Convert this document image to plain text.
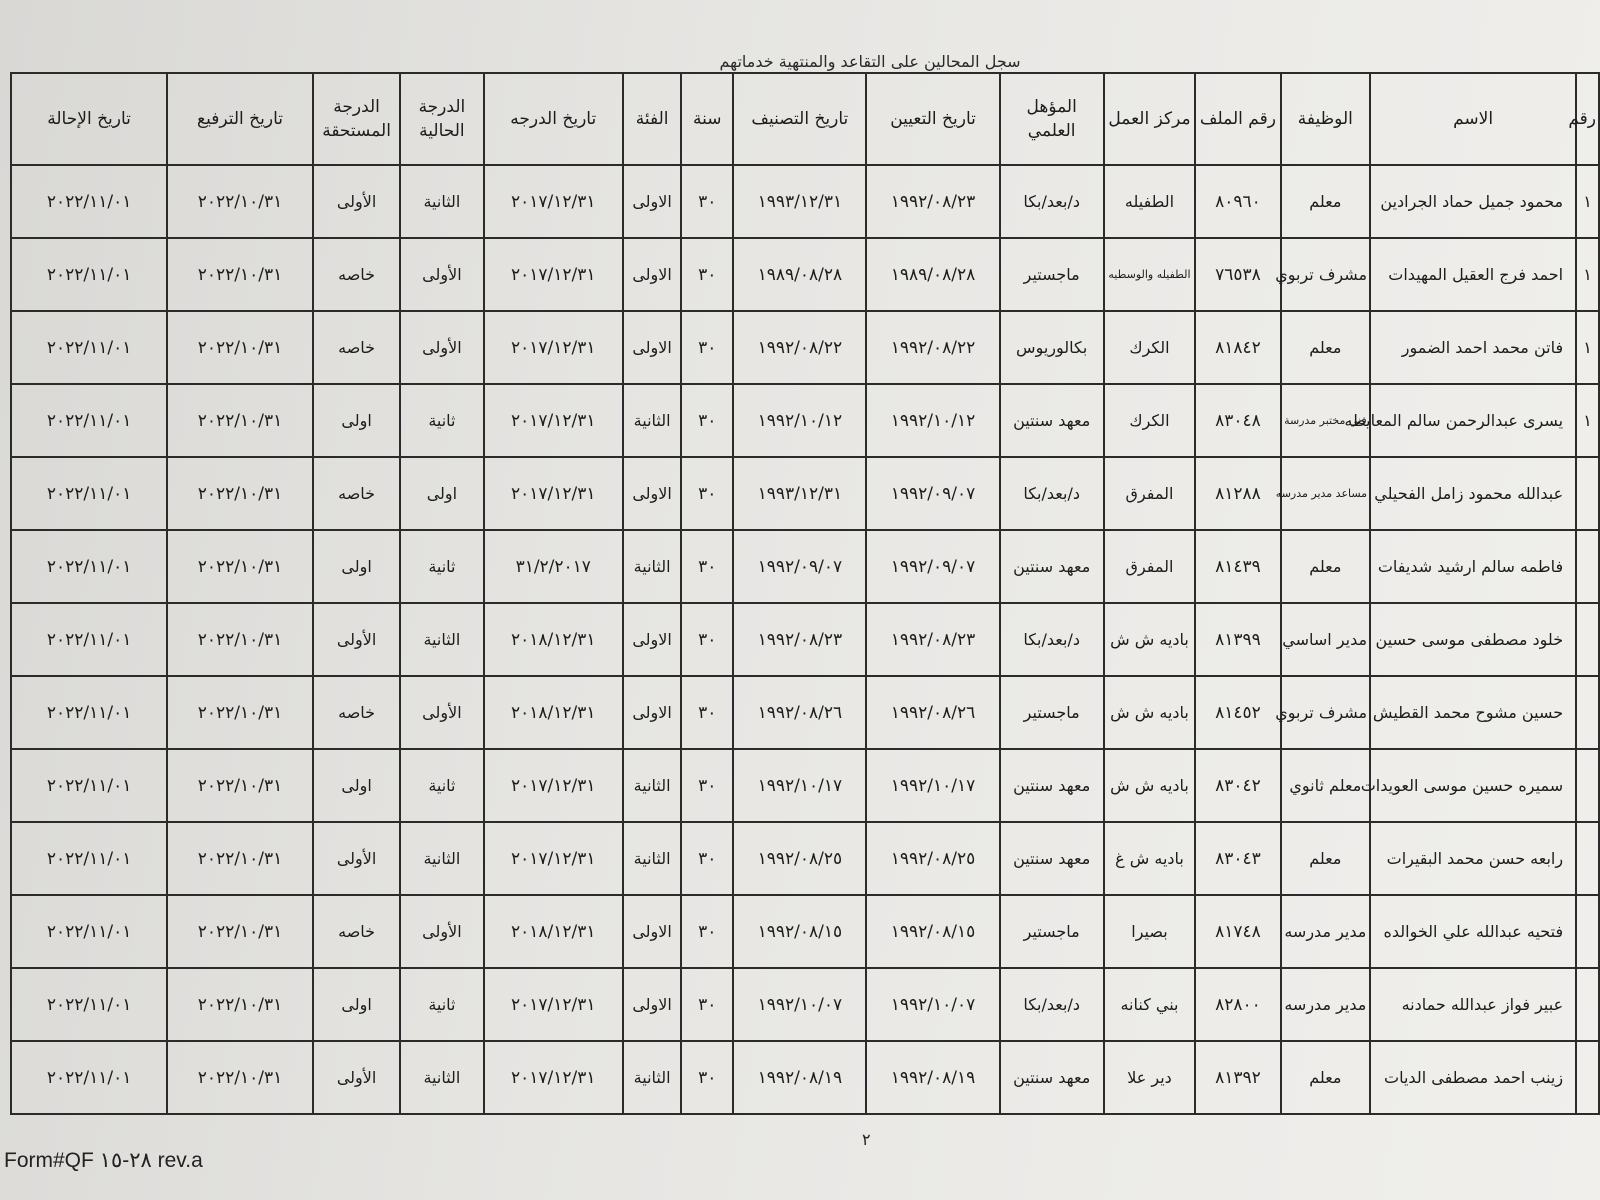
سجل المحالين على التقاعد والمنتهية خدماتهم
رقم	الاسم	الوظيفة	رقم الملف	مركز العمل	المؤهل العلمي	تاريخ التعيين	تاريخ التصنيف	سنة	الفئة	تاريخ الدرجه	الدرجة الحالية	الدرجة المستحقة	تاريخ الترفيع	تاريخ الإحالة
١	محمود جميل حماد الجرادين	معلم	٨٠٩٦٠	الطفيله	د/بعد/بكا	١٩٩٢/٠٨/٢٣	١٩٩٣/١٢/٣١	٣٠	الاولى	٢٠١٧/١٢/٣١	الثانية	الأولى	٢٠٢٢/١٠/٣١	٢٠٢٢/١١/٠١
١	احمد فرج العقيل المهيدات	مشرف تربوي	٧٦٥٣٨	الطفيله والوسطيه	ماجستير	١٩٨٩/٠٨/٢٨	١٩٨٩/٠٨/٢٨	٣٠	الاولى	٢٠١٧/١٢/٣١	الأولى	خاصه	٢٠٢٢/١٠/٣١	٢٠٢٢/١١/٠١
١	فاتن محمد احمد الضمور	معلم	٨١٨٤٢	الكرك	بكالوريوس	١٩٩٢/٠٨/٢٢	١٩٩٢/٠٨/٢٢	٣٠	الاولى	٢٠١٧/١٢/٣١	الأولى	خاصه	٢٠٢٢/١٠/٣١	٢٠٢٢/١١/٠١
١	يسرى عبدالرحمن سالم المعايطه	فني مختبر مدرسة	٨٣٠٤٨	الكرك	معهد سنتين	١٩٩٢/١٠/١٢	١٩٩٢/١٠/١٢	٣٠	الثانية	٢٠١٧/١٢/٣١	ثانية	اولى	٢٠٢٢/١٠/٣١	٢٠٢٢/١١/٠١
	عبدالله محمود زامل الفحيلي	مساعد مدير مدرسه	٨١٢٨٨	المفرق	د/بعد/بكا	١٩٩٢/٠٩/٠٧	١٩٩٣/١٢/٣١	٣٠	الاولى	٢٠١٧/١٢/٣١	اولى	خاصه	٢٠٢٢/١٠/٣١	٢٠٢٢/١١/٠١
	فاطمه سالم ارشيد شديفات	معلم	٨١٤٣٩	المفرق	معهد سنتين	١٩٩٢/٠٩/٠٧	١٩٩٢/٠٩/٠٧	٣٠	الثانية	٣١/٢/٢٠١٧	ثانية	اولى	٢٠٢٢/١٠/٣١	٢٠٢٢/١١/٠١
	خلود مصطفى موسى حسين	مدير اساسي	٨١٣٩٩	باديه ش ش	د/بعد/بكا	١٩٩٢/٠٨/٢٣	١٩٩٢/٠٨/٢٣	٣٠	الاولى	٢٠١٨/١٢/٣١	الثانية	الأولى	٢٠٢٢/١٠/٣١	٢٠٢٢/١١/٠١
	حسين مشوح محمد القطيش	مشرف تربوي	٨١٤٥٢	باديه ش ش	ماجستير	١٩٩٢/٠٨/٢٦	١٩٩٢/٠٨/٢٦	٣٠	الاولى	٢٠١٨/١٢/٣١	الأولى	خاصه	٢٠٢٢/١٠/٣١	٢٠٢٢/١١/٠١
	سميره حسين موسى العويدات	معلم ثانوي	٨٣٠٤٢	باديه ش ش	معهد سنتين	١٩٩٢/١٠/١٧	١٩٩٢/١٠/١٧	٣٠	الثانية	٢٠١٧/١٢/٣١	ثانية	اولى	٢٠٢٢/١٠/٣١	٢٠٢٢/١١/٠١
	رابعه حسن محمد البقيرات	معلم	٨٣٠٤٣	باديه ش غ	معهد سنتين	١٩٩٢/٠٨/٢٥	١٩٩٢/٠٨/٢٥	٣٠	الثانية	٢٠١٧/١٢/٣١	الثانية	الأولى	٢٠٢٢/١٠/٣١	٢٠٢٢/١١/٠١
	فتحيه عبدالله علي الخوالده	مدير مدرسه	٨١٧٤٨	بصيرا	ماجستير	١٩٩٢/٠٨/١٥	١٩٩٢/٠٨/١٥	٣٠	الاولى	٢٠١٨/١٢/٣١	الأولى	خاصه	٢٠٢٢/١٠/٣١	٢٠٢٢/١١/٠١
	عبير فواز عبدالله حمادنه	مدير مدرسه	٨٢٨٠٠	بني كنانه	د/بعد/بكا	١٩٩٢/١٠/٠٧	١٩٩٢/١٠/٠٧	٣٠	الاولى	٢٠١٧/١٢/٣١	ثانية	اولى	٢٠٢٢/١٠/٣١	٢٠٢٢/١١/٠١
	زينب احمد مصطفى الديات	معلم	٨١٣٩٢	دير علا	معهد سنتين	١٩٩٢/٠٨/١٩	١٩٩٢/٠٨/١٩	٣٠	الثانية	٢٠١٧/١٢/٣١	الثانية	الأولى	٢٠٢٢/١٠/٣١	٢٠٢٢/١١/٠١
٢
Form#QF ٢٨-١٥ rev.a
